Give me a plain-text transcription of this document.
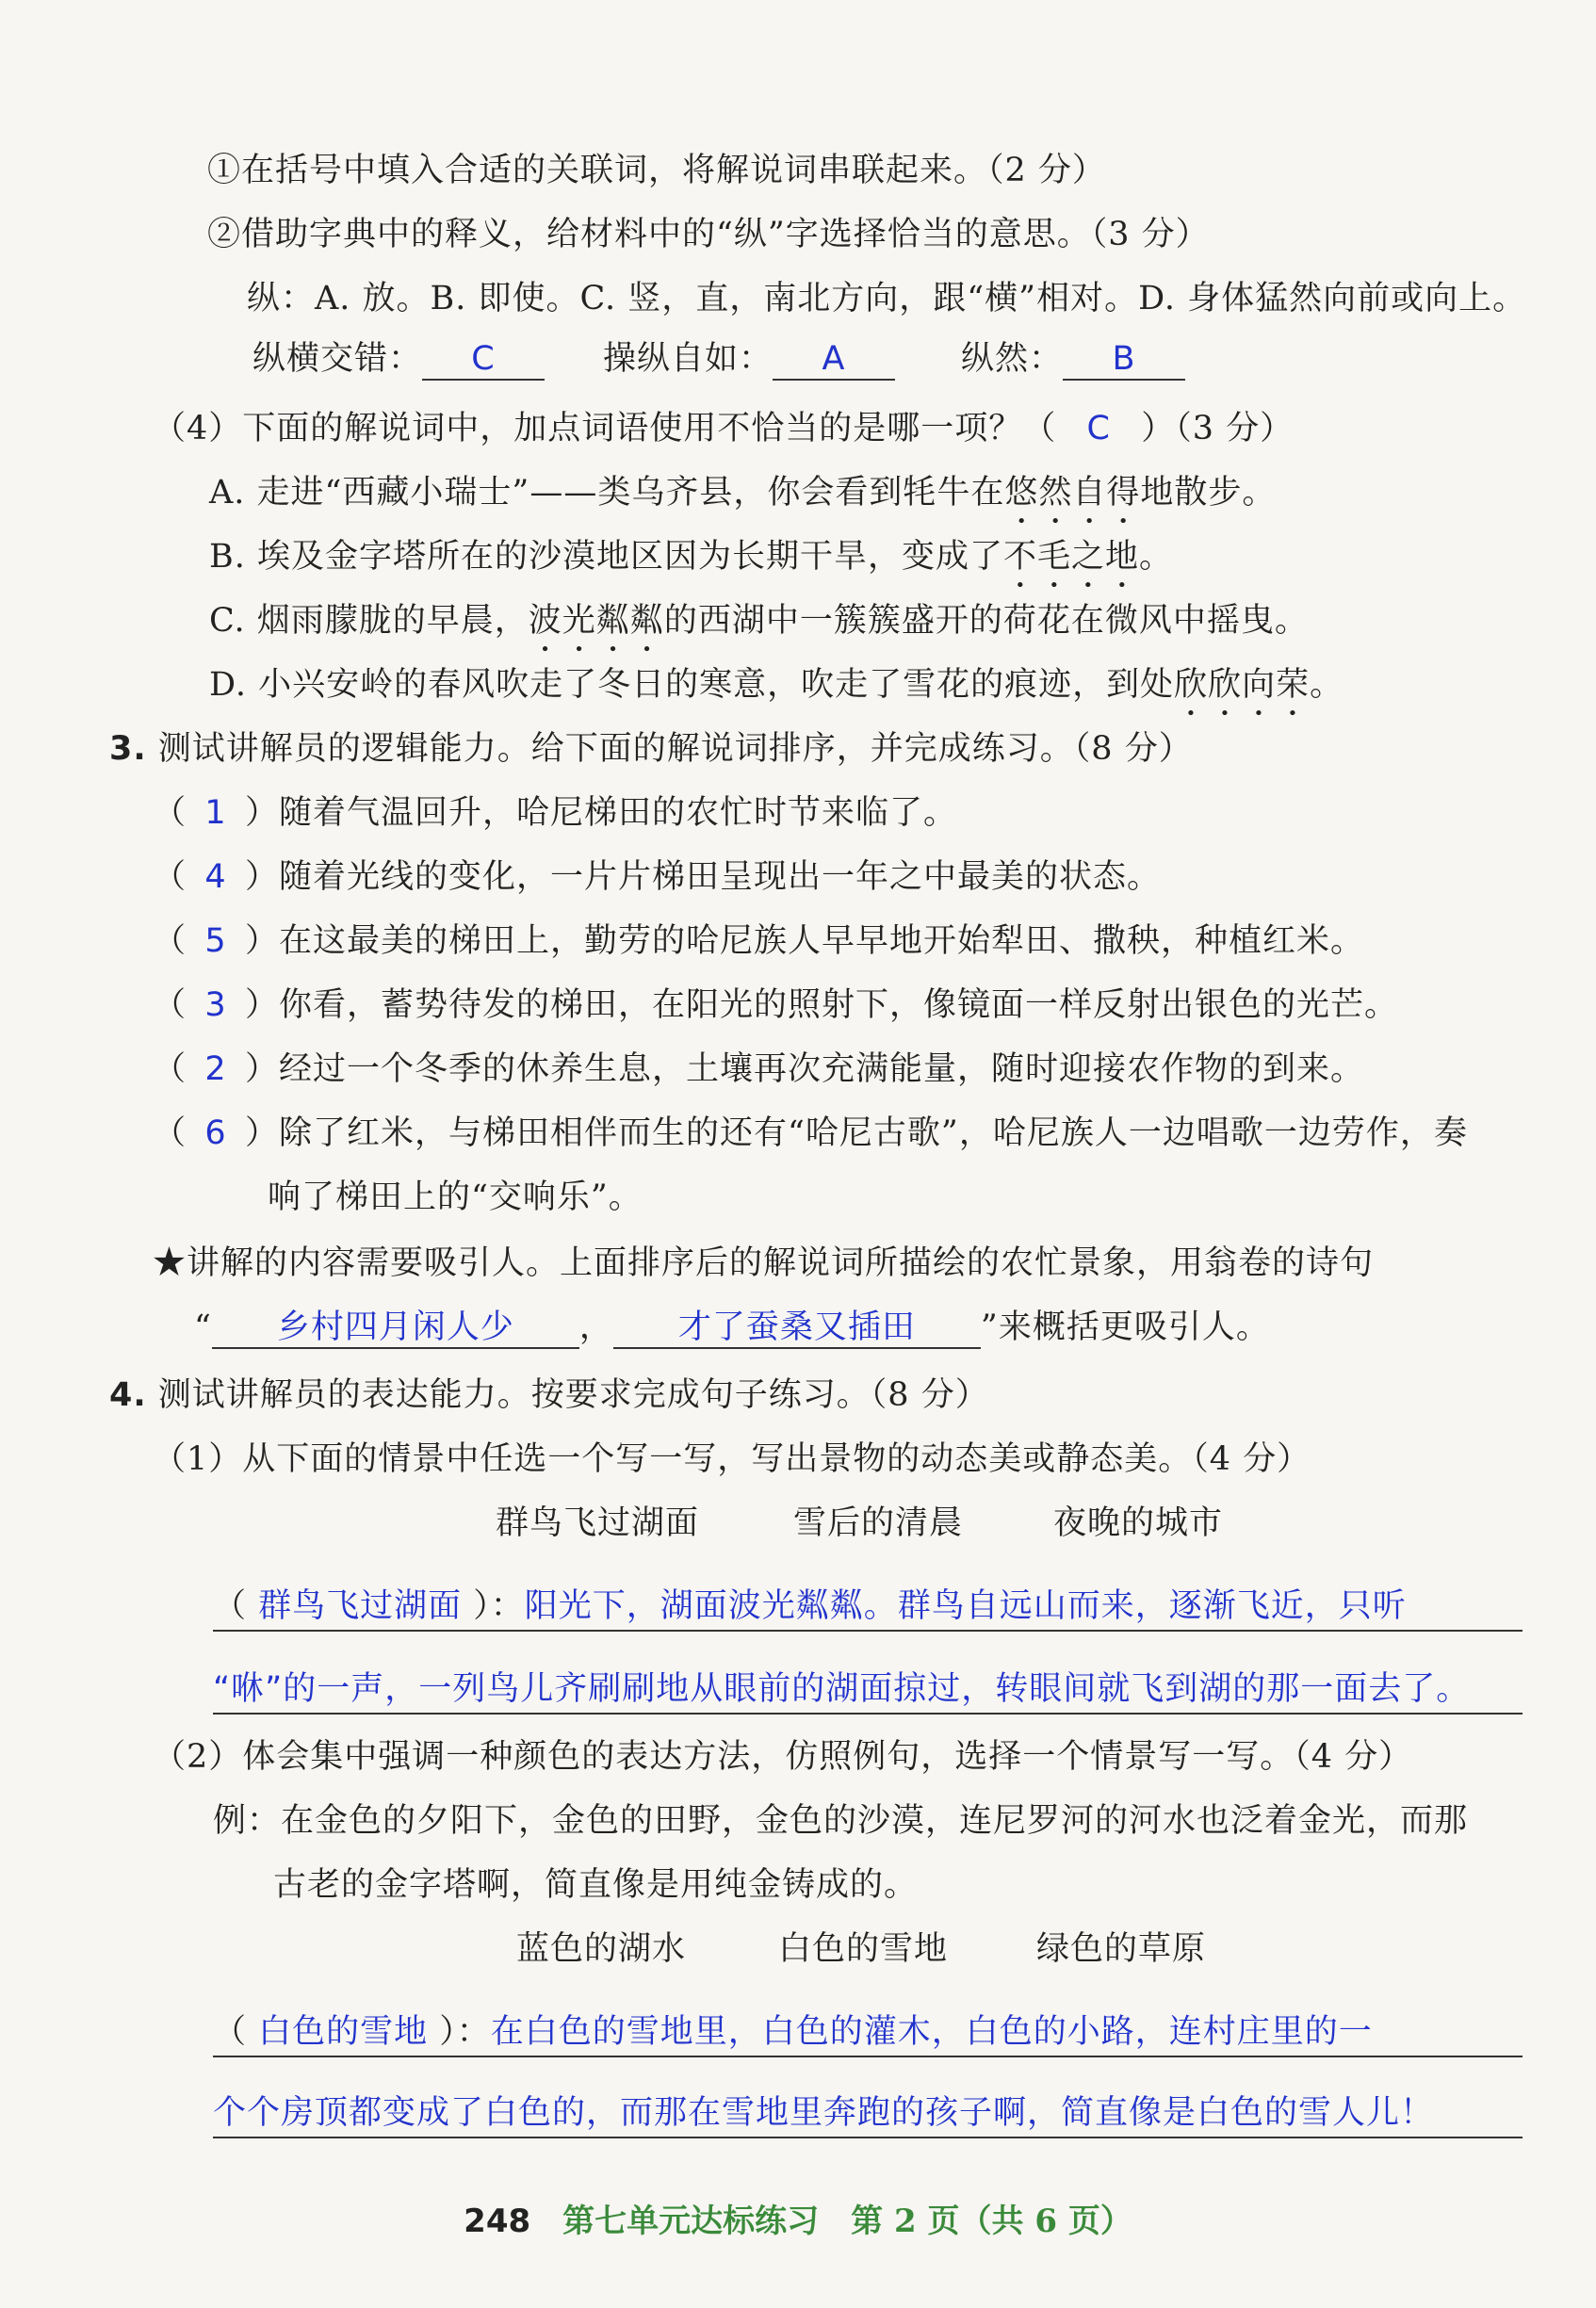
①在括号中填入合适的关联词，将解说词串联起来。（2 分）
②借助字典中的释义，给材料中的“纵”字选择恰当的意思。（3 分）
纵：A. 放。B. 即使。C. 竖，直，南北方向，跟“横”相对。D. 身体猛然向前或向上。
纵横交错： C	操纵自如： A	纵然： B
（4）下面的解说词中，加点词语使用不恰当的是哪一项？（ C ）（3 分）
A. 走进“西藏小瑞士”——类乌齐县，你会看到牦牛在悠然自得地散步。
B. 埃及金字塔所在的沙漠地区因为长期干旱，变成了不毛之地。
C. 烟雨朦胧的早晨，波光粼粼的西湖中一簇簇盛开的荷花在微风中摇曳。
D. 小兴安岭的春风吹走了冬日的寒意，吹走了雪花的痕迹，到处欣欣向荣。
3. 测试讲解员的逻辑能力。给下面的解说词排序，并完成练习。（8 分）
（ 1 ）随着气温回升，哈尼梯田的农忙时节来临了。
（ 4 ）随着光线的变化，一片片梯田呈现出一年之中最美的状态。
（ 5 ）在这最美的梯田上，勤劳的哈尼族人早早地开始犁田、撒秧，种植红米。
（ 3 ）你看，蓄势待发的梯田，在阳光的照射下，像镜面一样反射出银色的光芒。
（ 2 ）经过一个冬季的休养生息，土壤再次充满能量，随时迎接农作物的到来。
（ 6 ）除了红米，与梯田相伴而生的还有“哈尼古歌”，哈尼族人一边唱歌一边劳作，奏
响了梯田上的“交响乐”。
★讲解的内容需要吸引人。上面排序后的解说词所描绘的农忙景象，用翁卷的诗句
“ 乡村四月闲人少 ， 才了蚕桑又插田 ”来概括更吸引人。
4. 测试讲解员的表达能力。按要求完成句子练习。（8 分）
（1）从下面的情景中任选一个写一写，写出景物的动态美或静态美。（4 分）
群鸟飞过湖面	雪后的清晨	夜晚的城市
（ 群鸟飞过湖面 ）：阳光下，湖面波光粼粼。群鸟自远山而来，逐渐飞近，只听
“咻”的一声，一列鸟儿齐刷刷地从眼前的湖面掠过，转眼间就飞到湖的那一面去了。
（2）体会集中强调一种颜色的表达方法，仿照例句，选择一个情景写一写。（4 分）
例：在金色的夕阳下，金色的田野，金色的沙漠，连尼罗河的河水也泛着金光，而那
古老的金字塔啊，简直像是用纯金铸成的。
蓝色的湖水	白色的雪地	绿色的草原
（ 白色的雪地 ）：在白色的雪地里，白色的灌木，白色的小路，连村庄里的一
个个房顶都变成了白色的，而那在雪地里奔跑的孩子啊，简直像是白色的雪人儿！
248 第七单元达标练习　第 2 页（共 6 页）
